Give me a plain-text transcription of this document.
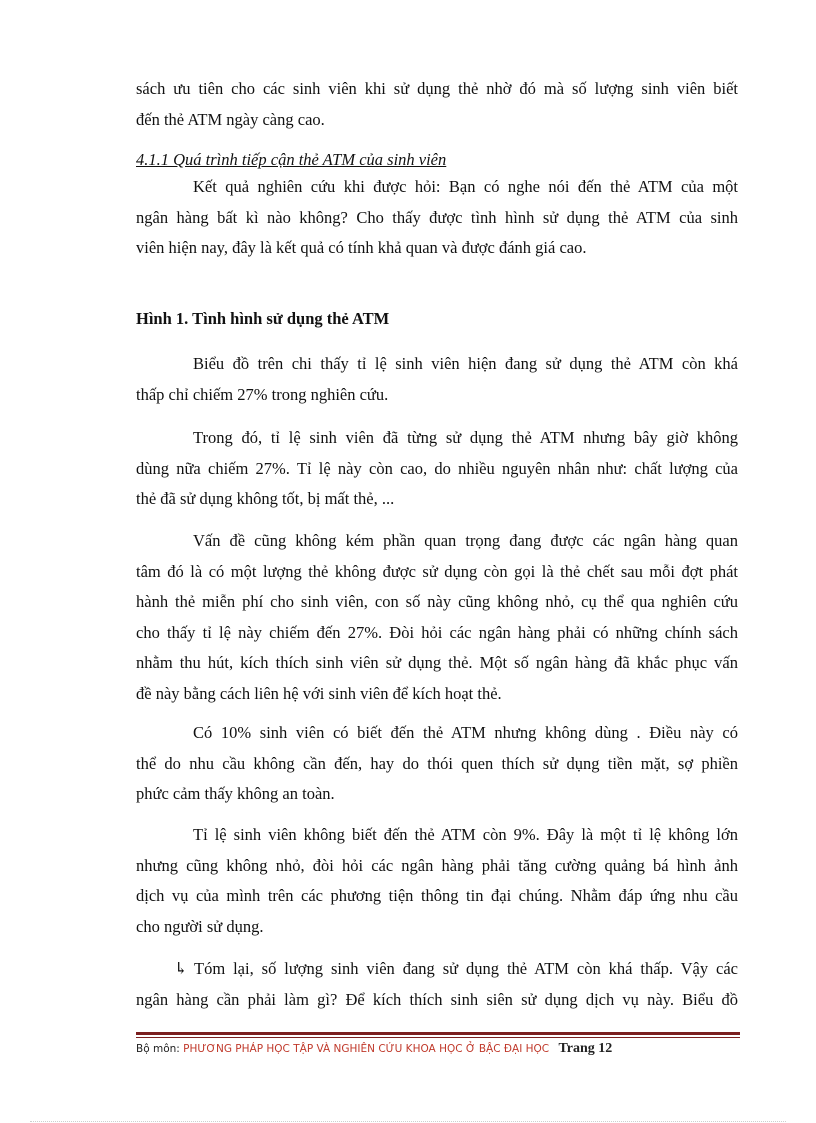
sách ưu tiên cho các sinh viên khi sử dụng thẻ nhờ đó mà số lượng sinh viên biết
đến thẻ ATM ngày càng cao.

4.1.1 Quá trình tiếp cận thẻ ATM của sinh viên

Kết quả nghiên cứu khi được hỏi: Bạn có nghe nói đến thẻ ATM của một
ngân hàng bất kì nào không? Cho thấy được tình hình sử dụng thẻ ATM của sinh
viên hiện nay, đây là kết quả có tính khả quan và được đánh giá cao.

Hình 1. Tình hình sử dụng thẻ ATM

Biểu đồ trên chi thấy tỉ lệ sinh viên hiện đang sử dụng thẻ ATM còn khá
thấp chỉ chiếm 27% trong nghiên cứu.
Trong đó, tỉ lệ sinh viên đã từng sử dụng thẻ ATM nhưng bây giờ không
dùng nữa chiếm 27%. Tỉ lệ này còn cao, do nhiều nguyên nhân như: chất lượng của
thẻ đã sử dụng không tốt, bị mất thẻ, ...
Vấn đề cũng không kém phần quan trọng đang được các ngân hàng quan
tâm đó là có một lượng thẻ không được sử dụng còn gọi là thẻ chết sau mỗi đợt phát
hành thẻ miễn phí cho sinh viên, con số này cũng không nhỏ, cụ thể qua nghiên cứu
cho thấy tỉ lệ này chiếm đến 27%. Đòi hỏi các ngân hàng phải có những chính sách
nhằm thu hút, kích thích sinh viên sử dụng thẻ. Một số ngân hàng đã khắc phục vấn
đề này bằng cách liên hệ với sinh viên để kích hoạt thẻ.
Có 10% sinh viên có biết đến thẻ ATM nhưng không dùng . Điều này có
thể do nhu cầu không cần đến, hay do thói quen thích sử dụng tiền mặt, sợ phiền
phức cảm thấy không an toàn.
Tỉ lệ sinh viên không biết đến thẻ ATM còn 9%. Đây là một tỉ lệ không lớn
nhưng cũng không nhỏ, đòi hỏi các ngân hàng phải tăng cường quảng bá hình ảnh
dịch vụ của mình trên các phương tiện thông tin đại chúng. Nhằm đáp ứng nhu cầu
cho người sử dụng.
↳ Tóm lại, số lượng sinh viên đang sử dụng thẻ ATM còn khá thấp. Vậy các
ngân hàng cần phải làm gì? Để kích thích sinh siên sử dụng dịch vụ này. Biểu đồ
Bộ môn: PHƯƠNG PHÁP HỌC TẬP VÀ NGHIÊN CỨU KHOA HỌC Ở BẬC ĐẠI HỌC Trang 12
